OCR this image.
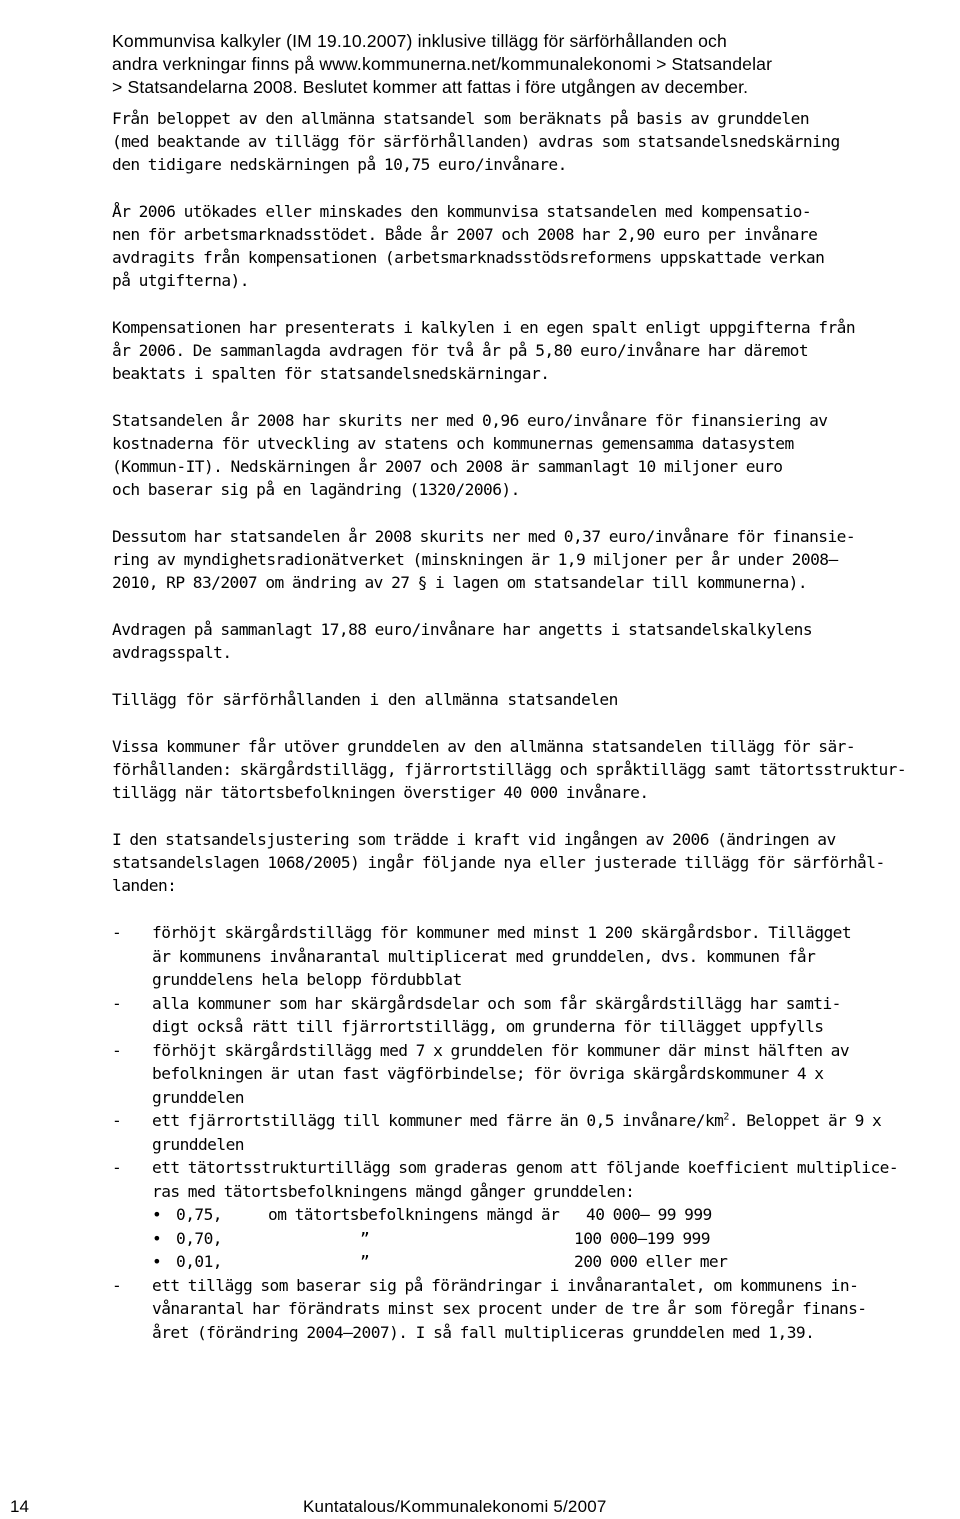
Kommunvisa kalkyler (IM 19.10.2007) inklusive tillägg för särförhållanden och
andra verkningar finns på www.kommunerna.net/kommunalekonomi > Statsandelar
> Statsandelarna 2008. Beslutet kommer att fattas i före utgången av december.

Från beloppet av den allmänna statsandel som beräknats på basis av grunddelen
(med beaktande av tillägg för särförhållanden) avdras som statsandelsnedskärning
den tidigare nedskärningen på 10,75 euro/invånare.

År 2006 utökades eller minskades den kommunvisa statsandelen med kompensatio-
nen för arbetsmarknadsstödet. Både år 2007 och 2008 har 2,90 euro per invånare
avdragits från kompensationen (arbetsmarknadsstödsreformens uppskattade verkan
på utgifterna).

Kompensationen har presenterats i kalkylen i en egen spalt enligt uppgifterna från
år 2006. De sammanlagda avdragen för två år på 5,80 euro/invånare har däremot
beaktats i spalten för statsandelsnedskärningar.

Statsandelen år 2008 har skurits ner med 0,96 euro/invånare för finansiering av
kostnaderna för utveckling av statens och kommunernas gemensamma datasystem
(Kommun-IT). Nedskärningen år 2007 och 2008 är sammanlagt 10 miljoner euro
och baserar sig på en lagändring (1320/2006).

Dessutom har statsandelen år 2008 skurits ner med 0,37 euro/invånare för finansie-
ring av myndighetsradionätverket (minskningen är 1,9 miljoner per år under 2008–
2010, RP 83/2007 om ändring av 27 § i lagen om statsandelar till kommunerna).

Avdragen på sammanlagt 17,88 euro/invånare har angetts i statsandelskalkylens
avdragsspalt.

Tillägg för särförhållanden i den allmänna statsandelen

Vissa kommuner får utöver grunddelen av den allmänna statsandelen tillägg för sär-
förhållanden: skärgårdstillägg, fjärrortstillägg och språktillägg samt tätortsstruktur-
tillägg när tätortsbefolkningen överstiger 40 000 invånare.

I den statsandelsjustering som trädde i kraft vid ingången av 2006 (ändringen av
statsandelslagen 1068/2005) ingår följande nya eller justerade tillägg för särförhål-
landen:

- förhöjt skärgårdstillägg för kommuner med minst 1 200 skärgårdsbor. Tillägget
är kommunens invånarantal multiplicerat med grunddelen, dvs. kommunen får
grunddelens hela belopp fördubblat
- alla kommuner som har skärgårdsdelar och som får skärgårdstillägg har samti-
digt också rätt till fjärrortstillägg, om grunderna för tillägget uppfylls
- förhöjt skärgårdstillägg med 7 x grunddelen för kommuner där minst hälften av
befolkningen är utan fast vägförbindelse; för övriga skärgårdskommuner 4 x
grunddelen
- ett fjärrortstillägg till kommuner med färre än 0,5 invånare/$km^2$. Beloppet är 9 x
grunddelen
- ett tätortsstrukturtillägg som graderas genom att följande koefficient multiplice-
ras med tätortsbefolkningens mängd gånger grunddelen:
• 0,75,	om tätortsbefolkningens mängd är 40 000– 99 999
• 0,70,	”	100 000–199 999
• 0,01,	”	200 000 eller mer
- ett tillägg som baserar sig på förändringar i invånarantalet, om kommunens in-
vånarantal har förändrats minst sex procent under de tre år som föregår finans-
året (förändring 2004–2007). I så fall multipliceras grunddelen med 1,39.
14	Kuntatalous/Kommunalekonomi 5/2007
